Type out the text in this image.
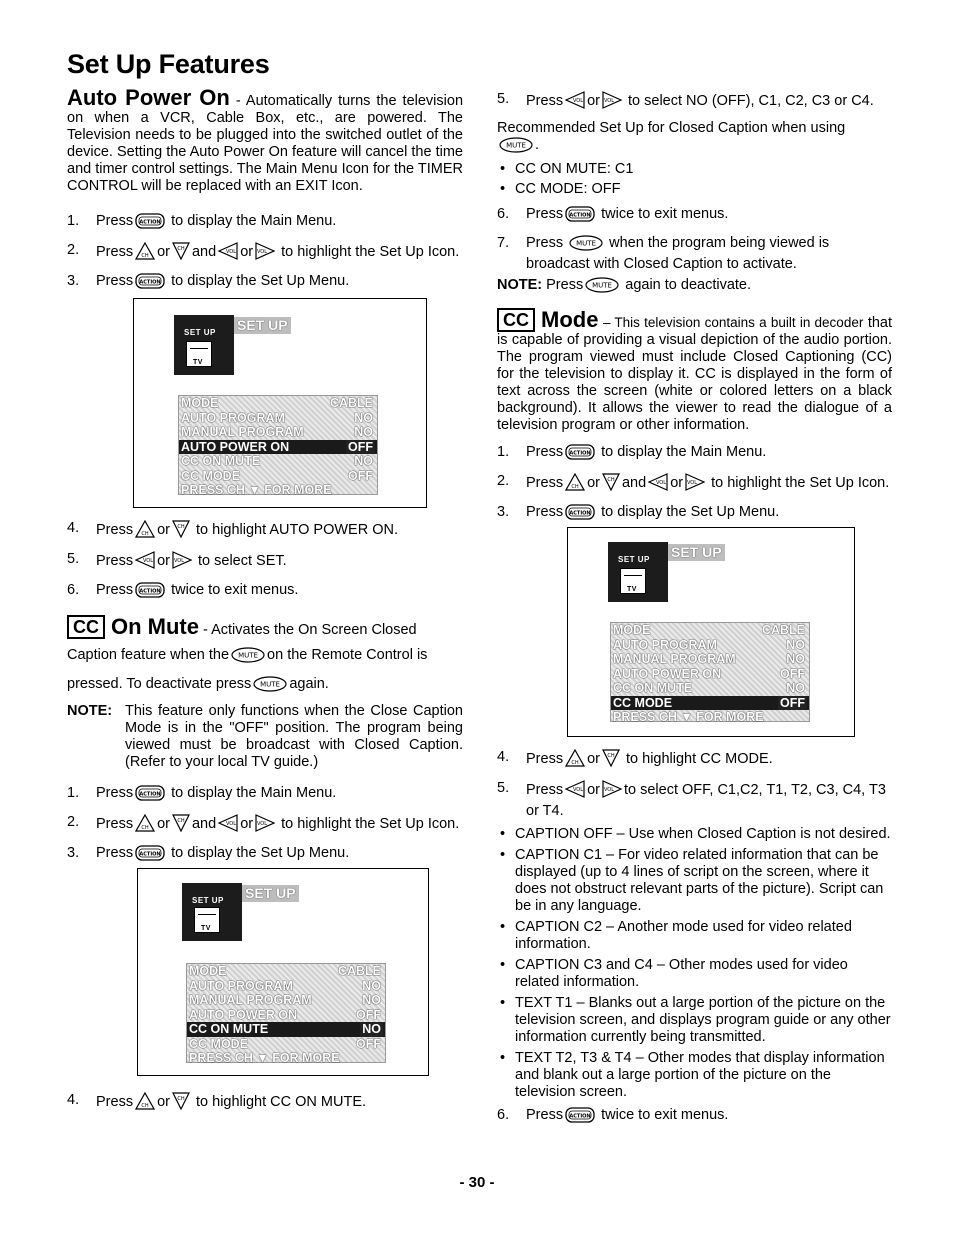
Set Up Features

Auto Power On - Automatically turns the television on when a VCR, Cable Box, etc., are powered. The Television needs to be plugged into the switched outlet of the device. Setting the Auto Power On feature will cancel the time and timer control settings. The Main Menu Icon for the TIMER CONTROL will be replaced with an EXIT Icon.

1.	Press ACTION to display the Main Menu.
2.	Press CH or CH and VOL or VOL to highlight the Set Up Icon.
3.	Press ACTION to display the Set Up Menu.
SET UP
TV
SET UP
MODE	CABLE
AUTO PROGRAM	NO
MANUAL PROGRAM	NO
AUTO POWER ON	OFF
CC ON MUTE	NO
CC MODE	OFF
PRESS CH ▼ FOR MORE
4.	Press CH or CH to highlight AUTO POWER ON.
5.	Press VOL or VOL to select SET.
6.	Press ACTION twice to exit menus.

CC On Mute - Activates the On Screen Closed

Caption feature when the MUTE on the Remote Control is

pressed. To deactivate press MUTE again.

NOTE: This feature only functions when the Close Caption Mode is in the "OFF" position. The program being viewed must be broadcast with Closed Caption. (Refer to your local TV guide.)
1.	Press ACTION to display the Main Menu.
2.	Press CH or CH and VOL or VOL to highlight the Set Up Icon.
3.	Press ACTION to display the Set Up Menu.
SET UP
TV
SET UP
MODE	CABLE
AUTO PROGRAM	NO
MANUAL PROGRAM	NO
AUTO POWER ON	OFF
CC ON MUTE	NO
CC MODE	OFF
PRESS CH ▼ FOR MORE
4.	Press CH or CH to highlight CC ON MUTE.
5.	Press VOL or VOL to select NO (OFF), C1, C2, C3 or C4.

Recommended Set Up for Closed Caption when using

MUTE .

• CC ON MUTE: C1
• CC MODE: OFF
6.	Press ACTION twice to exit menus.
7.	Press MUTE when the program being viewed is broadcast with Closed Caption to activate.

NOTE: Press MUTE again to deactivate.

CC Mode – This television contains a built in decoder that is capable of providing a visual depiction of the audio portion. The program viewed must include Closed Captioning (CC) for the television to display it. CC is displayed in the form of text across the screen (white or colored letters on a black background). It allows the viewer to read the dialogue of a television program or other information.

1.	Press ACTION to display the Main Menu.
2.	Press CH or CH and VOL or VOL to highlight the Set Up Icon.
3.	Press ACTION to display the Set Up Menu.
SET UP
TV
SET UP
MODE	CABLE
AUTO PROGRAM	NO
MANUAL PROGRAM	NO
AUTO POWER ON	OFF
CC ON MUTE	NO
CC MODE	OFF
PRESS CH ▼ FOR MORE
4.	Press CH or CH to highlight CC MODE.
5.	Press VOL or VOL to select OFF, C1,C2, T1, T2, C3, C4, T3 or T4.
• CAPTION OFF – Use when Closed Caption is not desired.
• CAPTION C1 – For video related information that can be displayed (up to 4 lines of script on the screen, where it does not obstruct relevant parts of the picture). Script can be in any language.
• CAPTION C2 – Another mode used for video related information.
• CAPTION C3 and C4 – Other modes used for video related information.
• TEXT T1 – Blanks out a large portion of the picture on the television screen, and displays program guide or any other information currently being transmitted.
• TEXT T2, T3 & T4 – Other modes that display information and blank out a large portion of the picture on the television screen.
6.	Press ACTION twice to exit menus.
- 30 -
